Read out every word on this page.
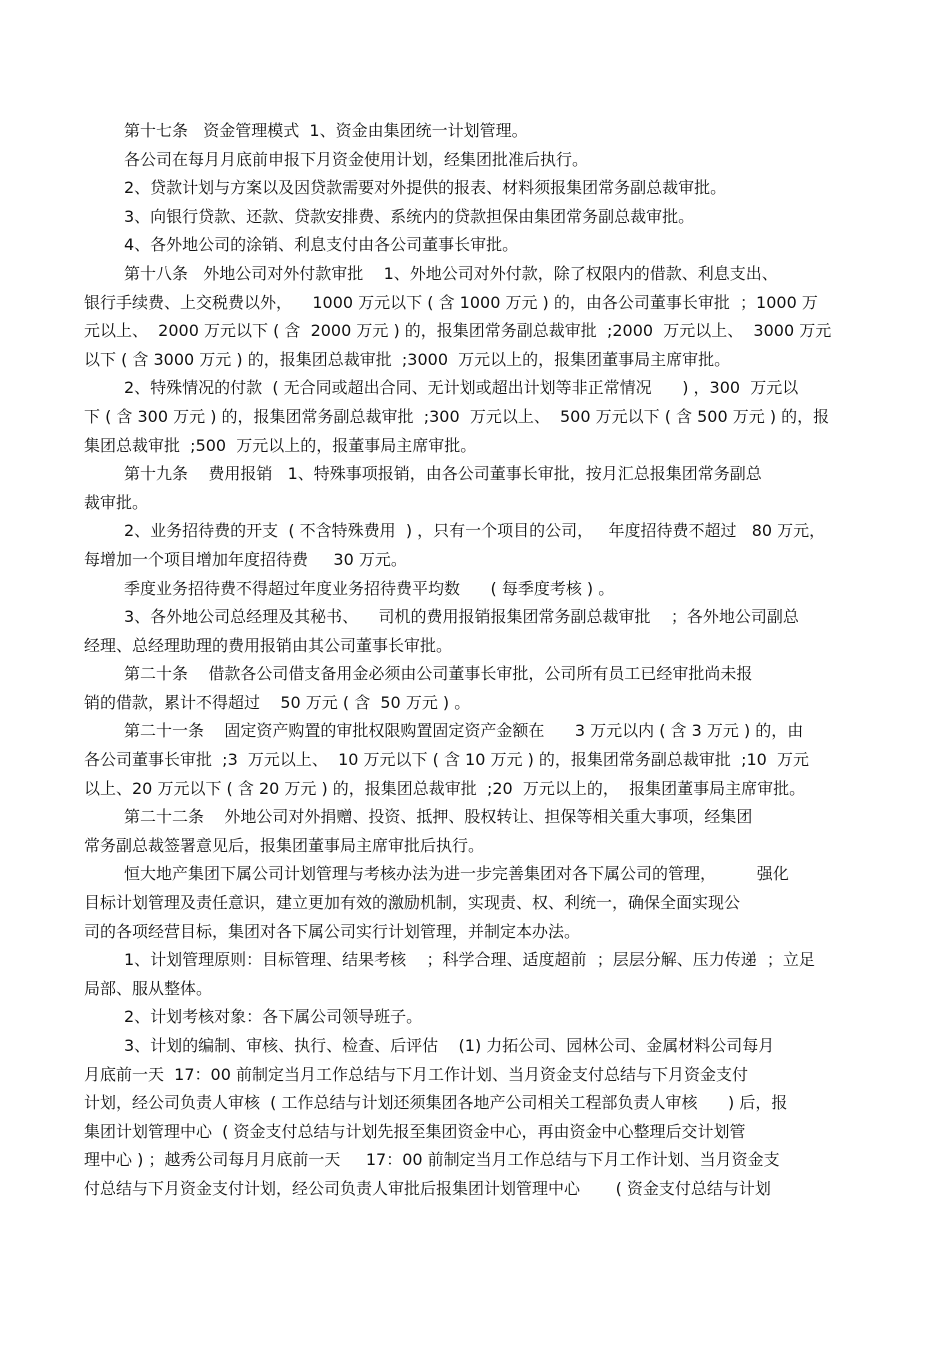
第十七条   资金管理模式  1、资金由集团统一计划管理。
各公司在每月月底前申报下月资金使用计划，经集团批准后执行。
2、贷款计划与方案以及因贷款需要对外提供的报表、材料须报集团常务副总裁审批。
3、向银行贷款、还款、贷款安排费、系统内的贷款担保由集团常务副总裁审批。
4、各外地公司的涂销、利息支付由各公司董事长审批。
第十八条   外地公司对外付款审批    1、外地公司对外付款，除了权限内的借款、利息支出、
银行手续费、上交税费以外，    1000 万元以下 ( 含 1000 万元 ) 的，由各公司董事长审批  ；1000 万
元以上、  2000 万元以下 ( 含  2000 万元 ) 的，报集团常务副总裁审批  ;2000  万元以上、  3000 万元
以下 ( 含 3000 万元 ) 的，报集团总裁审批  ;3000  万元以上的，报集团董事局主席审批。
2、特殊情况的付款  ( 无合同或超出合同、无计划或超出计划等非正常情况      ) ，300  万元以
下 ( 含 300 万元 ) 的，报集团常务副总裁审批  ;300  万元以上、  500 万元以下 ( 含 500 万元 ) 的，报
集团总裁审批  ;500  万元以上的，报董事局主席审批。
第十九条    费用报销   1、特殊事项报销，由各公司董事长审批，按月汇总报集团常务副总
裁审批。
2、业务招待费的开支  ( 不含特殊费用  ) ，只有一个项目的公司，   年度招待费不超过   80 万元，
每增加一个项目增加年度招待费     30 万元。
季度业务招待费不得超过年度业务招待费平均数      ( 每季度考核 ) 。
3、各外地公司总经理及其秘书、    司机的费用报销报集团常务副总裁审批    ；各外地公司副总
经理、总经理助理的费用报销由其公司董事长审批。
第二十条    借款各公司借支备用金必须由公司董事长审批，公司所有员工已经审批尚未报
销的借款，累计不得超过    50 万元 ( 含  50 万元 ) 。
第二十一条    固定资产购置的审批权限购置固定资产金额在      3 万元以内 ( 含 3 万元 ) 的，由
各公司董事长审批  ;3  万元以上、  10 万元以下 ( 含 10 万元 ) 的，报集团常务副总裁审批  ;10  万元
以上、20 万元以下 ( 含 20 万元 ) 的，报集团总裁审批  ;20  万元以上的，  报集团董事局主席审批。
第二十二条    外地公司对外捐赠、投资、抵押、股权转让、担保等相关重大事项，经集团
常务副总裁签署意见后，报集团董事局主席审批后执行。
恒大地产集团下属公司计划管理与考核办法为进一步完善集团对各下属公司的管理，        强化
目标计划管理及责任意识，建立更加有效的激励机制，实现责、权、利统一，确保全面实现公
司的各项经营目标，集团对各下属公司实行计划管理，并制定本办法。
1、计划管理原则：目标管理、结果考核    ；科学合理、适度超前  ；层层分解、压力传递  ；立足
局部、服从整体。
2、计划考核对象：各下属公司领导班子。
3、计划的编制、审核、执行、检查、后评估    (1) 力拓公司、园林公司、金属材料公司每月
月底前一天  17：00 前制定当月工作总结与下月工作计划、当月资金支付总结与下月资金支付
计划，经公司负责人审核  ( 工作总结与计划还须集团各地产公司相关工程部负责人审核      ) 后，报
集团计划管理中心  ( 资金支付总结与计划先报至集团资金中心，再由资金中心整理后交计划管
理中心 ) ；越秀公司每月月底前一天     17：00 前制定当月工作总结与下月工作计划、当月资金支
付总结与下月资金支付计划，经公司负责人审批后报集团计划管理中心       ( 资金支付总结与计划
